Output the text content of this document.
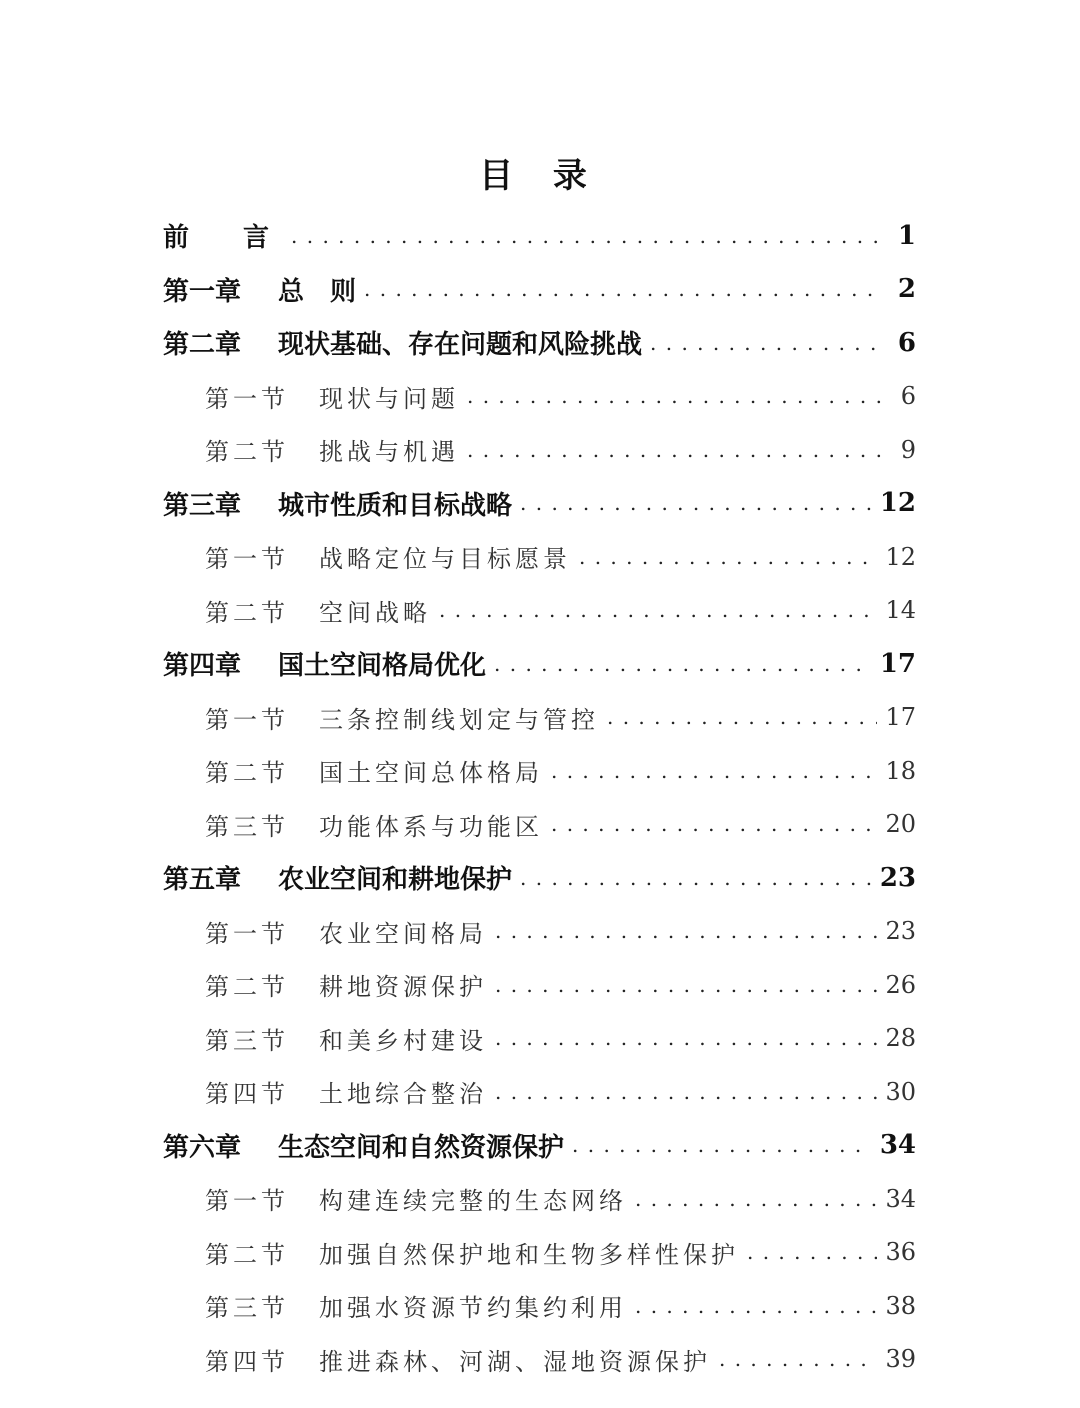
目 录
前　言 . . .	1
第一章	总　则 . . .	2
第二章	现状基础、存在问题和风险挑战 . . .	6
第一节	现状与问题 . . .	6
第二节	挑战与机遇 . . .	9
第三章	城市性质和目标战略 . . .	12
第一节	战略定位与目标愿景 . . .	12
第二节	空间战略 . . .	14
第四章	国土空间格局优化 . . .	17
第一节	三条控制线划定与管控 . . .	17
第二节	国土空间总体格局 . . .	18
第三节	功能体系与功能区 . . .	20
第五章	农业空间和耕地保护 . . .	23
第一节	农业空间格局 . . .	23
第二节	耕地资源保护 . . .	26
第三节	和美乡村建设 . . .	28
第四节	土地综合整治 . . .	30
第六章	生态空间和自然资源保护 . . .	34
第一节	构建连续完整的生态网络 . . .	34
第二节	加强自然保护地和生物多样性保护 . . .	36
第三节	加强水资源节约集约利用 . . .	38
第四节	推进森林、河湖、湿地资源保护 . . .	39
